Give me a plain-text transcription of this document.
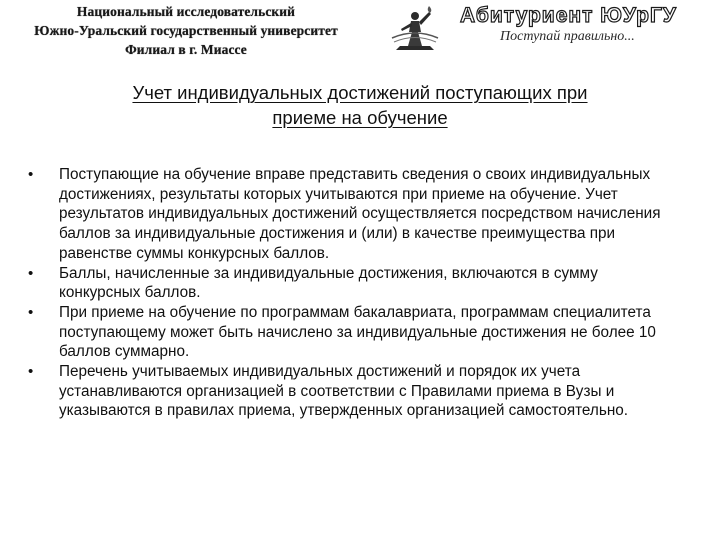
Национальный исследовательский
Южно-Уральский государственный университет
Филиал в г. Миассе
Абитуриент ЮУрГУ
Поступай правильно...
Учет индивидуальных достижений поступающих при
приеме на обучение
• Поступающие на обучение вправе представить сведения о своих индивидуальных достижениях, результаты которых учитываются при приеме на обучение. Учет результатов индивидуальных достижений осуществляется посредством начисления баллов за индивидуальные достижения и (или) в качестве преимущества при равенстве суммы конкурсных баллов.
• Баллы, начисленные за индивидуальные достижения, включаются в сумму конкурсных баллов.
• При приеме на обучение по программам бакалавриата, программам специалитета поступающему может быть начислено за индивидуальные достижения не более 10 баллов суммарно.
• Перечень учитываемых индивидуальных достижений и порядок их учета устанавливаются организацией в соответствии с Правилами приема в Вузы и указываются в правилах приема, утвержденных организацией самостоятельно.
